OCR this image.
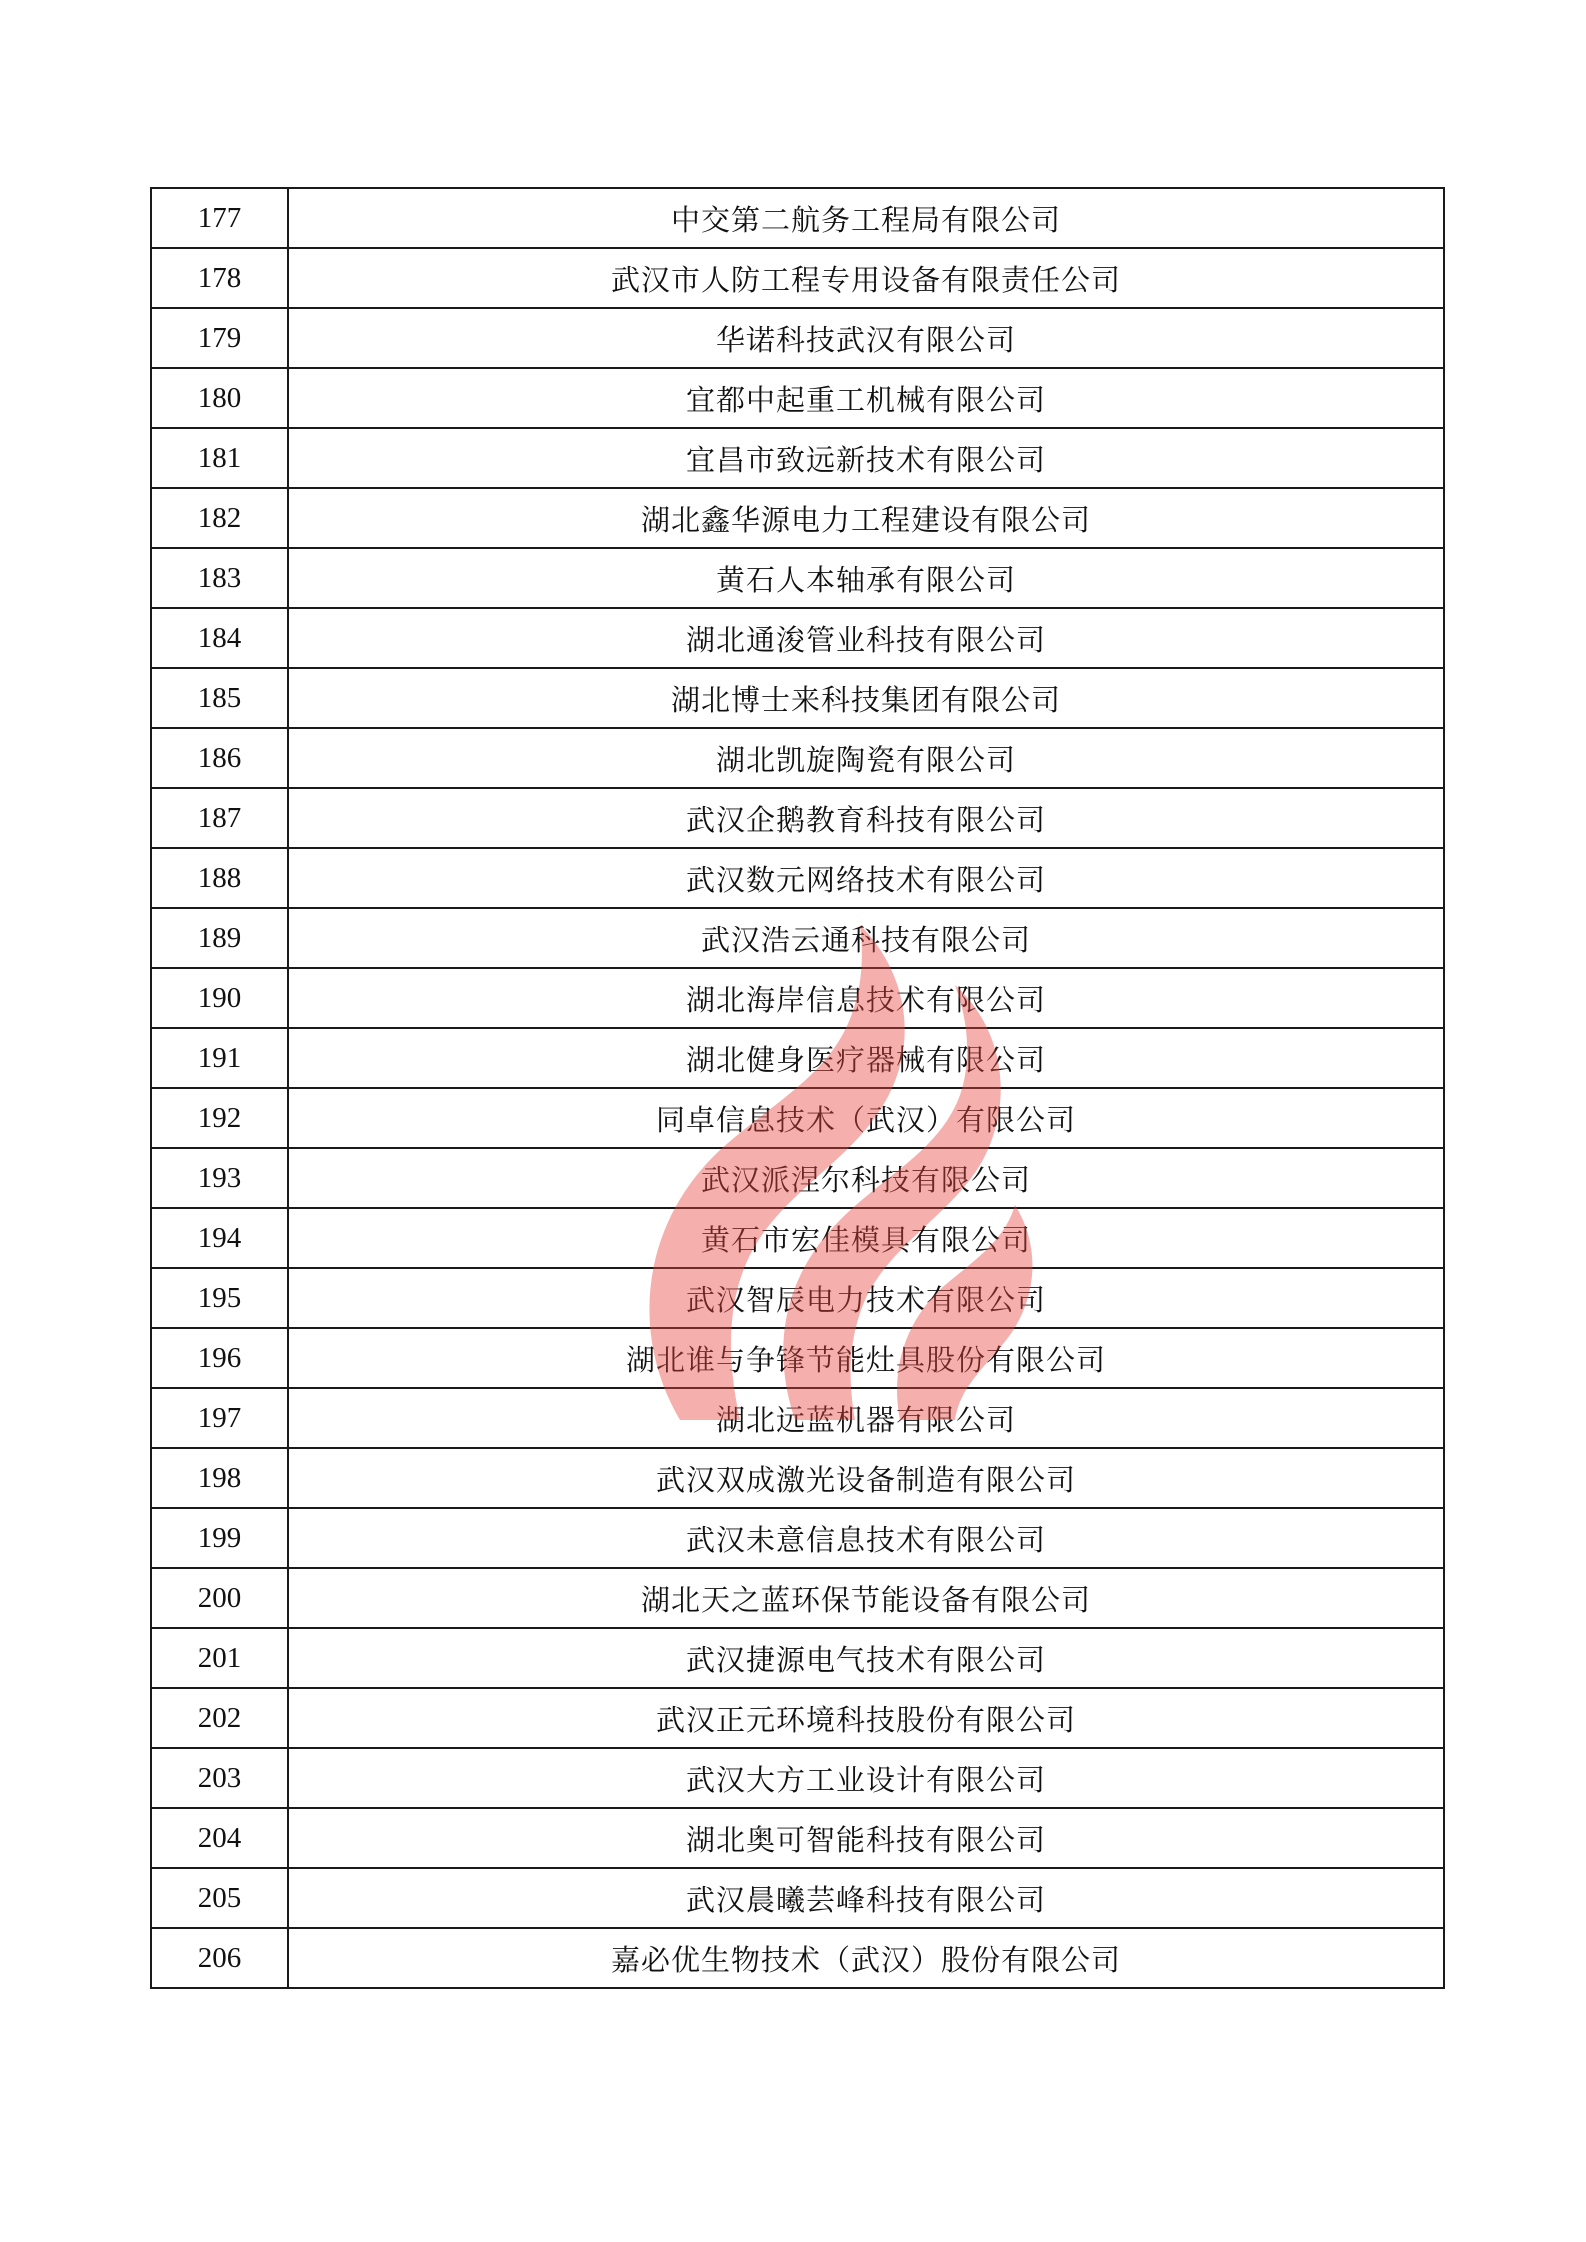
177	中交第二航务工程局有限公司
178	武汉市人防工程专用设备有限责任公司
179	华诺科技武汉有限公司
180	宜都中起重工机械有限公司
181	宜昌市致远新技术有限公司
182	湖北鑫华源电力工程建设有限公司
183	黄石人本轴承有限公司
184	湖北通浚管业科技有限公司
185	湖北博士来科技集团有限公司
186	湖北凯旋陶瓷有限公司
187	武汉企鹅教育科技有限公司
188	武汉数元网络技术有限公司
189	武汉浩云通科技有限公司
190	湖北海岸信息技术有限公司
191	湖北健身医疗器械有限公司
192	同卓信息技术（武汉）有限公司
193	武汉派涅尔科技有限公司
194	黄石市宏佳模具有限公司
195	武汉智辰电力技术有限公司
196	湖北谁与争锋节能灶具股份有限公司
197	湖北远蓝机器有限公司
198	武汉双成激光设备制造有限公司
199	武汉未意信息技术有限公司
200	湖北天之蓝环保节能设备有限公司
201	武汉捷源电气技术有限公司
202	武汉正元环境科技股份有限公司
203	武汉大方工业设计有限公司
204	湖北奥可智能科技有限公司
205	武汉晨曦芸峰科技有限公司
206	嘉必优生物技术（武汉）股份有限公司
